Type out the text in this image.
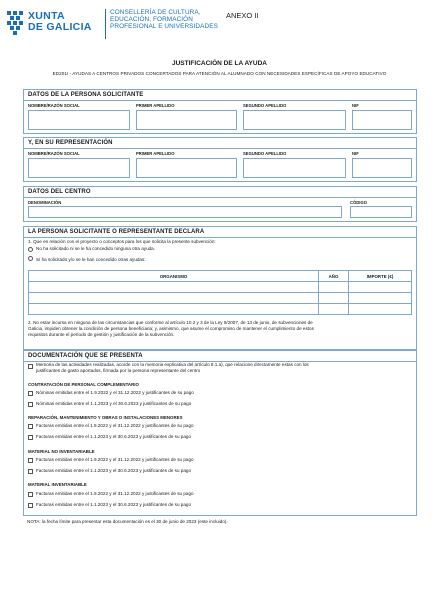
XUNTA
DE GALICIA
CONSELLERÍA DE CULTURA,
EDUCACIÓN, FORMACIÓN
PROFESIONAL E UNIVERSIDADES
ANEXO II
JUSTIFICACIÓN DE LA AYUDA
ED201I - AYUDAS A CENTROS PRIVADOS CONCERTADOS PARA ATENCIÓN AL ALUMNADO CON NECESIDADES ESPECÍFICAS DE APOYO EDUCATIVO
DATOS DE LA PERSONA SOLICITANTE
NOMBRE/RAZÓN SOCIAL	PRIMER APELLIDO	SEGUNDO APELLIDO	NIF
Y, EN SU REPRESENTACIÓN
NOMBRE/RAZÓN SOCIAL	PRIMER APELLIDO	SEGUNDO APELLIDO	NIF
DATOS DEL CENTRO
DENOMINACIÓN	CÓDIGO
LA PERSONA SOLICITANTE O REPRESENTANTE DECLARA
1. Que en relación con el proyecto o conceptos para los que solicita la presente subvención:
No ha solicitado ni se le ha concedido ninguna otra ayuda.
Sí ha solicitado y/o se le han concedido otras ayudas:
ORGANISMO	AÑO	IMPORTE (€)

2. No estar incursa en ninguna de las circunstancias que conforme al artículo 10.2 y 3 de la Ley 9/2007, de 13 de junio, de subvenciones de
Galicia, impiden obtener la condición de persona beneficiaria; y, asimismo, que asume el compromiso de mantener el cumplimiento de estos
requisitos durante el período de gestión y justificación de la subvención.
DOCUMENTACIÓN QUE SE PRESENTA
Memoria de las actividades realizadas, acorde con la memoria explicativa del artículo 8.1.a), que relacione directamente estas con los
justificantes de gasto aportados, firmada por la persona representante del centro
CONTRATACIÓN DE PERSONAL COMPLEMENTARIO
Nóminas emitidas entre el 1.9.2022 y el 31.12.2022 y justificantes de su pago
Nóminas emitidas entre el 1.1.2023 y el 30.6.2023 y justificantes de su pago
REPARACIÓN, MANTENIMIENTO Y OBRAS O INSTALACIONES MENORES
Facturas emitidas entre el 1.9.2022 y el 31.12.2022 y justificantes de su pago
Facturas emitidas entre el 1.1.2023 y el 30.6.2023 y justificantes de su pago
MATERIAL NO INVENTARIABLE
Facturas emitidas entre el 1.9.2022 y el 31.12.2022 y justificantes de su pago
Facturas emitidas entre el 1.1.2023 y el 30.6.2023 y justificantes de su pago
MATERIAL INVENTARIABLE
Facturas emitidas entre el 1.9.2022 y el 31.12.2022 y justificantes de su pago
Facturas emitidas entre el 1.1.2023 y el 30.6.2023 y justificantes de su pago
NOTA: la fecha límite para presentar esta documentación es el 30 de junio de 2023 (este incluido).
